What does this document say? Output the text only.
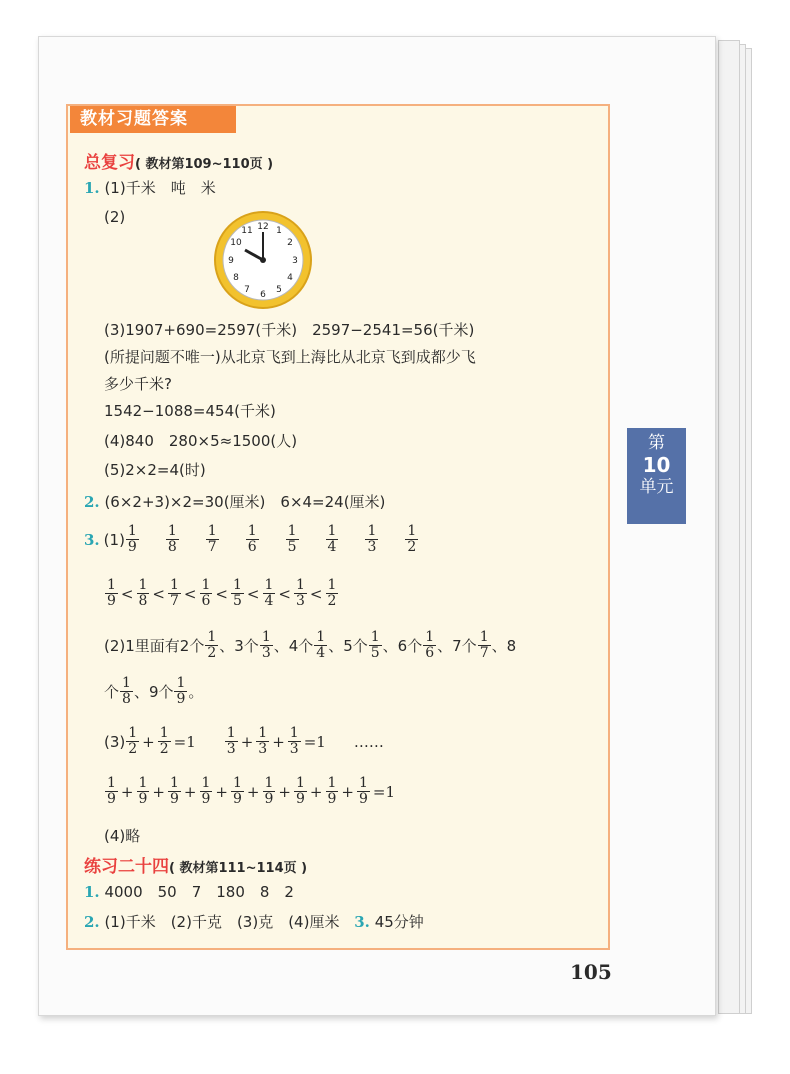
教材习题答案
总复习( 教材第109~110页 )
1. (1)千米　吨　米
(2)
12 1
2
3
4
5
6
7
8
9
10
11
(3)1907+690=2597(千米)　2597−2541=56(千米)
(所提问题不唯一)从北京飞到上海比从北京飞到成都少飞
多少千米?
1542−1088=454(千米)
(4)840　280×5≈1500(人)
(5)2×2=4(时)
2. (6×2+3)×2=30(厘米)　6×4=24(厘米)
3. $(1) \frac{1}{9} \frac{1}{8} \frac{1}{7} \frac{1}{6} \frac{1}{5} \frac{1}{4} \frac{1}{3} \frac{1}{2}$
$\frac{1}{9} < \frac{1}{8} < \frac{1}{7} < \frac{1}{6} < \frac{1}{5} < \frac{1}{4} < \frac{1}{3} < \frac{1}{2}$
(2)1里面有2个 $\frac{1}{2}$ 、3个 $\frac{1}{3}$ 、4个 $\frac{1}{4}$ 、5个 $\frac{1}{5}$ 、6个 $\frac{1}{6}$ 、7个 $\frac{1}{7}$ 、8
个 $\frac{1}{8}$ 、9个 $\frac{1}{9}$ 。
$(3) \frac{1}{2} + \frac{1}{2} =1 \frac{1}{3} + \frac{1}{3} + \frac{1}{3} =1$ ……
$\frac{1}{9} + \frac{1}{9} + \frac{1}{9} + \frac{1}{9} + \frac{1}{9} + \frac{1}{9} + \frac{1}{9} + \frac{1}{9} + \frac{1}{9} =1$
(4)略
练习二十四( 教材第111~114页 )
1. 4000　50　7　180　8　2
2. (1)千米　(2)千克　(3)克　(4)厘米 3. 45分钟
第
10
单元
105
